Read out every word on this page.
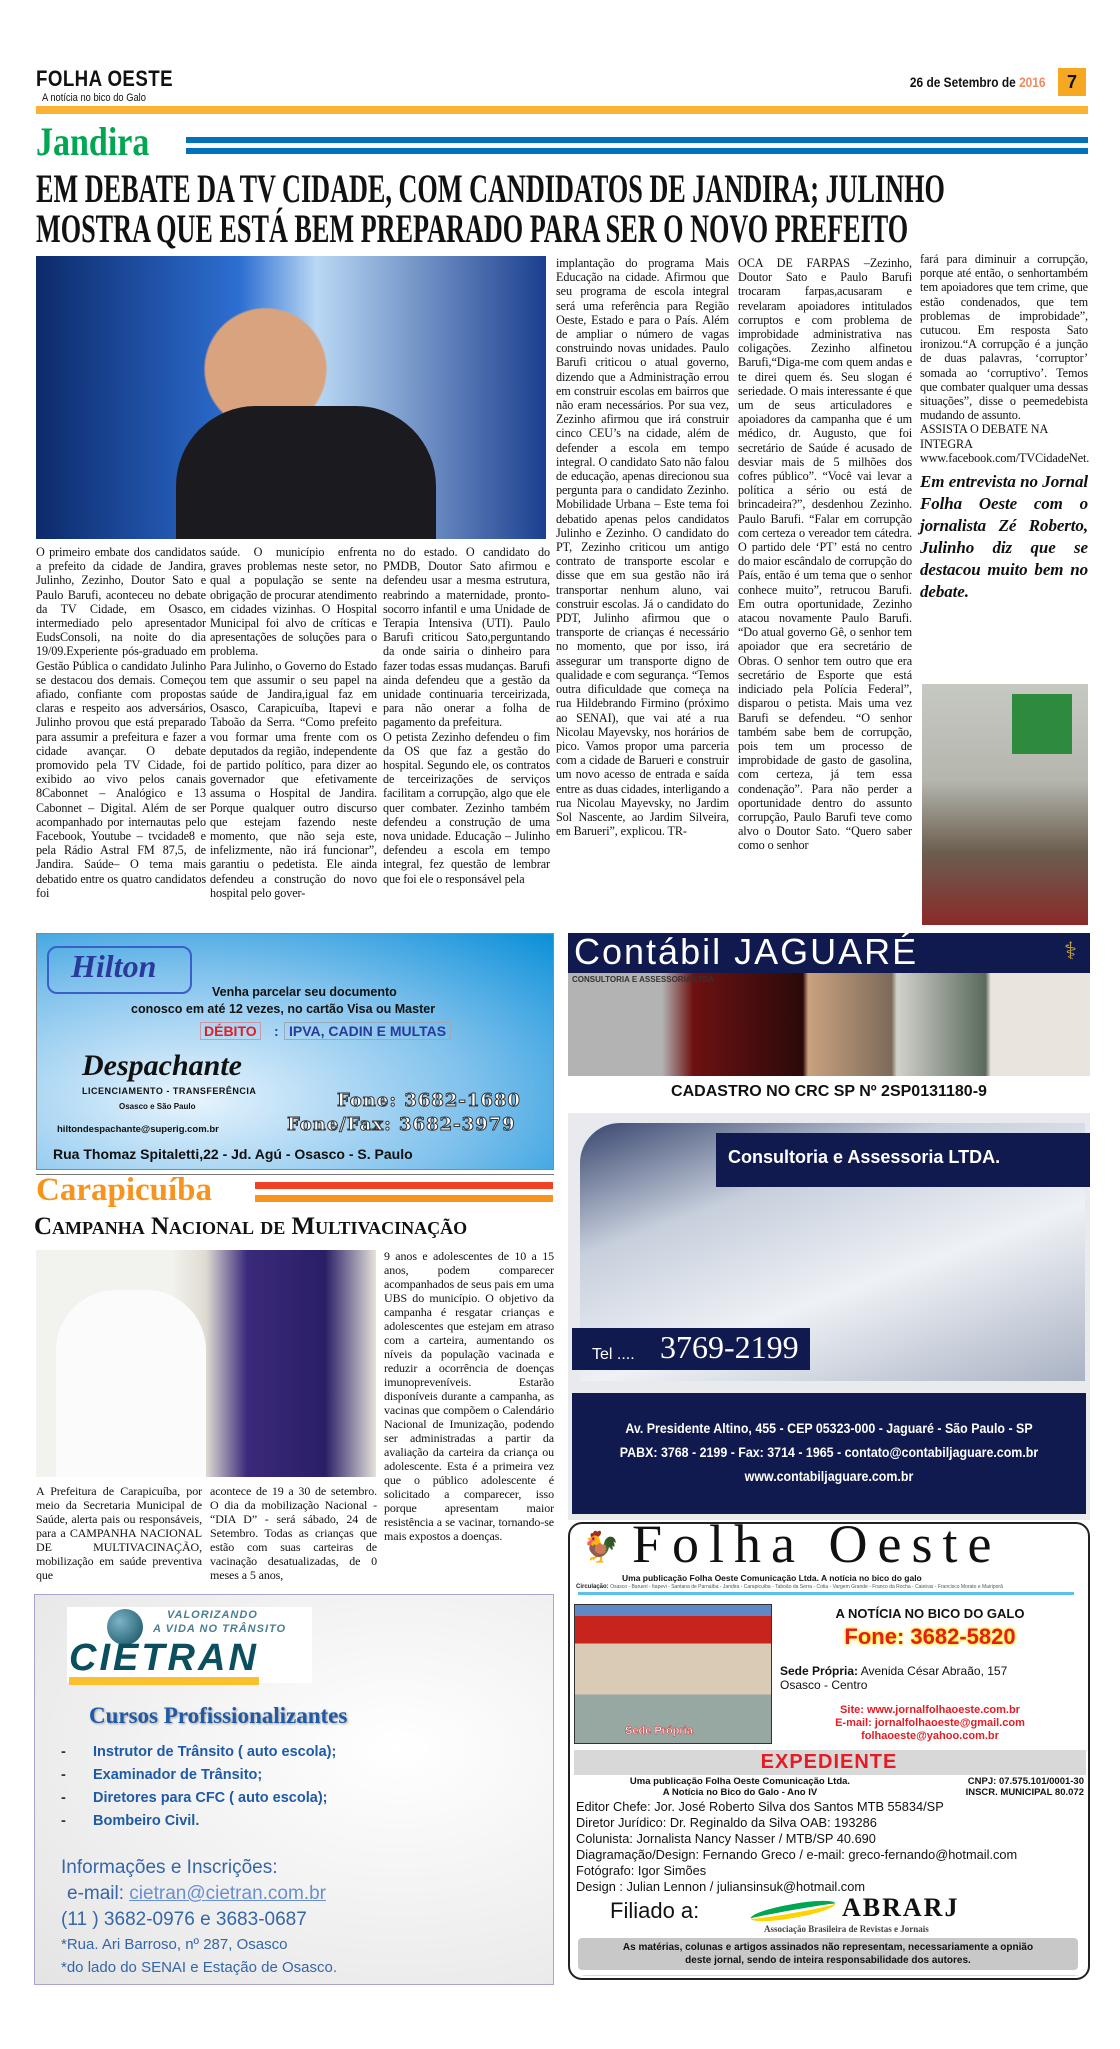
FOLHA OESTE
A notícia no bico do Galo
26 de Setembro de 2016	7
Jandira
EM DEBATE DA TV CIDADE, COM CANDIDATOS DE JANDIRA; JULINHO
MOSTRA QUE ESTÁ BEM PREPARADO PARA SER O NOVO PREFEITO

O primeiro embate dos candidatos a prefeito da cidade de Jandira, Julinho, Zezinho, Doutor Sato e Paulo Barufi, aconteceu no debate da TV Cidade, em Osasco, intermediado pelo apresentador EudsConsoli, na noite do dia 19/09.Experiente pós-graduado em Gestão Pública o candidato Julinho se destacou dos demais. Começou afiado, confiante com propostas claras e respeito aos adversários, Julinho provou que está preparado para assumir a prefeitura e fazer a cidade avançar. O debate promovido pela TV Cidade, foi exibido ao vivo pelos canais 8Cabonnet – Analógico e 13 Cabonnet – Digital. Além de ser acompanhado por internautas pelo Facebook, Youtube – tvcidade8 e pela Rádio Astral FM 87,5, de Jandira. Saúde– O tema mais debatido entre os quatro candidatos foi

saúde. O município enfrenta graves problemas neste setor, no qual a população se sente na obrigação de procurar atendimento em cidades vizinhas. O Hospital Municipal foi alvo de críticas e apresentações de soluções para o problema.

Para Julinho, o Governo do Estado tem que assumir o seu papel na saúde de Jandira,igual faz em Osasco, Carapicuíba, Itapevi e Taboão da Serra. “Como prefeito vou formar uma frente com os deputados da região, independente de partido político, para dizer ao governador que efetivamente assuma o Hospital de Jandira. Porque qualquer outro discurso que estejam fazendo neste momento, que não seja este, infelizmente, não irá funcionar”, garantiu o pedetista. Ele ainda defendeu a construção do novo hospital pelo gover-

no do estado. O candidato do PMDB, Doutor Sato afirmou e defendeu usar a mesma estrutura, reabrindo a maternidade, pronto-socorro infantil e uma Unidade de Terapia Intensiva (UTI). Paulo Barufi criticou Sato,perguntando da onde sairia o dinheiro para fazer todas essas mudanças. Barufi ainda defendeu que a gestão da unidade continuaria terceirizada, para não onerar a folha de pagamento da prefeitura.

O petista Zezinho defendeu o fim da OS que faz a gestão do hospital. Segundo ele, os contratos de terceirizações de serviços facilitam a corrupção, algo que ele quer combater. Zezinho também defendeu a construção de uma nova unidade. Educação – Julinho defendeu a escola em tempo integral, fez questão de lembrar que foi ele o responsável pela

implantação do programa Mais Educação na cidade. Afirmou que seu programa de escola integral será uma referência para Região Oeste, Estado e para o País. Além de ampliar o número de vagas construindo novas unidades. Paulo Barufi criticou o atual governo, dizendo que a Administração errou em construir escolas em bairros que não eram necessários. Por sua vez, Zezinho afirmou que irá construir cinco CEU’s na cidade, além de defender a escola em tempo integral. O candidato Sato não falou de educação, apenas direcionou sua pergunta para o candidato Zezinho. Mobilidade Urbana – Este tema foi debatido apenas pelos candidatos Julinho e Zezinho. O candidato do PT, Zezinho criticou um antigo contrato de transporte escolar e disse que em sua gestão não irá transportar nenhum aluno, vai construir escolas. Já o candidato do PDT, Julinho afirmou que o transporte de crianças é necessário no momento, que por isso, irá assegurar um transporte digno de qualidade e com segurança. “Temos outra dificuldade que começa na rua Hildebrando Firmino (próximo ao SENAI), que vai até a rua Nicolau Mayevsky, nos horários de pico. Vamos propor uma parceria com a cidade de Barueri e construir um novo acesso de entrada e saída entre as duas cidades, interligando a rua Nicolau Mayevsky, no Jardim Sol Nascente, ao Jardim Silveira, em Barueri”, explicou. TR-

OCA DE FARPAS –Zezinho, Doutor Sato e Paulo Barufi trocaram farpas,acusaram e revelaram apoiadores intitulados corruptos e com problema de improbidade administrativa nas coligações. Zezinho alfinetou Barufi,“Diga-me com quem andas e te direi quem és. Seu slogan é seriedade. O mais interessante é que um de seus articuladores e apoiadores da campanha que é um médico, dr. Augusto, que foi secretário de Saúde é acusado de desviar mais de 5 milhões dos cofres público”. “Você vai levar a política a sério ou está de brincadeira?”, desdenhou Zezinho. Paulo Barufi. “Falar em corrupção com certeza o vereador tem cátedra. O partido dele ‘PT’ está no centro do maior escândalo de corrupção do País, então é um tema que o senhor conhece muito”, retrucou Barufi. Em outra oportunidade, Zezinho atacou novamente Paulo Barufi. “Do atual governo Gê, o senhor tem apoiador que era secretário de Obras. O senhor tem outro que era secretário de Esporte que está indiciado pela Polícia Federal”, disparou o petista. Mais uma vez Barufi se defendeu. “O senhor também sabe bem de corrupção, pois tem um processo de improbidade de gasto de gasolina, com certeza, já tem essa condenação”. Para não perder a oportunidade dentro do assunto corrupção, Paulo Barufi teve como alvo o Doutor Sato. “Quero saber como o senhor

fará para diminuir a corrupção, porque até então, o senhortambém tem apoiadores que tem crime, que estão condenados, que tem problemas de improbidade”, cutucou. Em resposta Sato ironizou.“A corrupção é a junção de duas palavras, ‘corruptor’ somada ao ‘corruptivo’. Temos que combater qualquer uma dessas situações”, disse o peemedebista mudando de assunto.

ASSISTA O DEBATE NA INTEGRA

www.facebook.com/TVCidadeNet.

Em entrevista no Jornal Folha Oeste com o jornalista Zé Roberto, Julinho diz que se destacou muito bem no debate.

Hilton
Venha parcelar seu documento
conosco em até 12 vezes, no cartão Visa ou Master
DÉBITO : IPVA, CADIN E MULTAS
Despachante
LICENCIAMENTO - TRANSFERÊNCIA
Osasco e São Paulo
hiltondespachante@superig.com.br
Fone: 3682-1680
Fone/Fax: 3682-3979
Rua Thomaz Spitaletti,22 - Jd. Agú - Osasco - S. Paulo
Contábil JAGUARÉ	⚕
CONSULTORIA E ASSESSORIA LTDA
CADASTRO NO CRC SP Nº 2SP0131180-9
Consultoria e Assessoria LTDA.
Tel .... 3769-2199
Av. Presidente Altino, 455 - CEP 05323-000 - Jaguaré - São Paulo - SP
PABX: 3768 - 2199 - Fax: 3714 - 1965 - contato@contabiljaguare.com.br
www.contabiljaguare.com.br
Carapicuíba
Campanha Nacional de Multivacinação
A Prefeitura de Carapicuíba, por meio da Secretaria Municipal de Saúde, alerta pais ou responsáveis, para a CAMPANHA NACIONAL DE MULTIVACINAÇÃO, mobilização em saúde preventiva que
acontece de 19 a 30 de setembro. O dia da mobilização Nacional - “DIA D” - será sábado, 24 de Setembro. Todas as crianças que estão com suas carteiras de vacinação desatualizadas, de 0 meses a 5 anos,
9 anos e adolescentes de 10 a 15 anos, podem comparecer acompanhados de seus pais em uma UBS do município. O objetivo da campanha é resgatar crianças e adolescentes que estejam em atraso com a carteira, aumentando os níveis da população vacinada e reduzir a ocorrência de doenças imunopreveníveis. Estarão disponíveis durante a campanha, as vacinas que compõem o Calendário Nacional de Imunização, podendo ser administradas a partir da avaliação da carteira da criança ou adolescente. Esta é a primeira vez que o público adolescente é solicitado a comparecer, isso porque apresentam maior resistência a se vacinar, tornando-se mais expostos a doenças.
VALORIZANDO
A VIDA NO TRÂNSITO
CIETRAN
Cursos Profissionalizantes
- Instrutor de Trânsito ( auto escola);
- Examinador de Trânsito;
- Diretores para CFC ( auto escola);
- Bombeiro Civil.
Informações e Inscrições:
e-mail: cietran@cietran.com.br
(11 ) 3682-0976 e 3683-0687
*Rua. Ari Barroso, nº 287, Osasco
*do lado do SENAI e Estação de Osasco.
🐓 Folha Oeste
Uma publicação Folha Oeste Comunicação Ltda. A notícia no bico do galo
Circulação: Osasco - Barueri - Itapevi - Santana de Parnaíba - Jandira - Carapicuíba - Taboão da Serra - Cotia - Vargem Grande - Franco da Rocha - Caieiras - Francisco Morato e Mairiporã
Sede Própria
A NOTÍCIA NO BICO DO GALO
Fone: 3682-5820
Sede Própria: Avenida César Abraão, 157
Osasco - Centro
Site: www.jornalfolhaoeste.com.br
E-mail: jornalfolhaoeste@gmail.com
folhaoeste@yahoo.com.br
EXPEDIENTE
Uma publicação Folha Oeste Comunicação Ltda.
A Notícia no Bico do Galo - Ano IV
CNPJ: 07.575.101/0001-30
INSCR. MUNICIPAL 80.072
Editor Chefe: Jor. José Roberto Silva dos Santos MTB 55834/SP
Diretor Jurídico: Dr. Reginaldo da Silva OAB: 193286
Colunista: Jornalista Nancy Nasser / MTB/SP 40.690
Diagramação/Design: Fernando Greco / e-mail: greco-fernando@hotmail.com
Fotógrafo: Igor Simões
Design : Julian Lennon / juliansinsuk@hotmail.com
Filiado a:	ABRARJ
Associação Brasileira de Revistas e Jornais
As matérias, colunas e artigos assinados não representam, necessariamente a opnião deste jornal, sendo de inteira responsabilidade dos autores.
